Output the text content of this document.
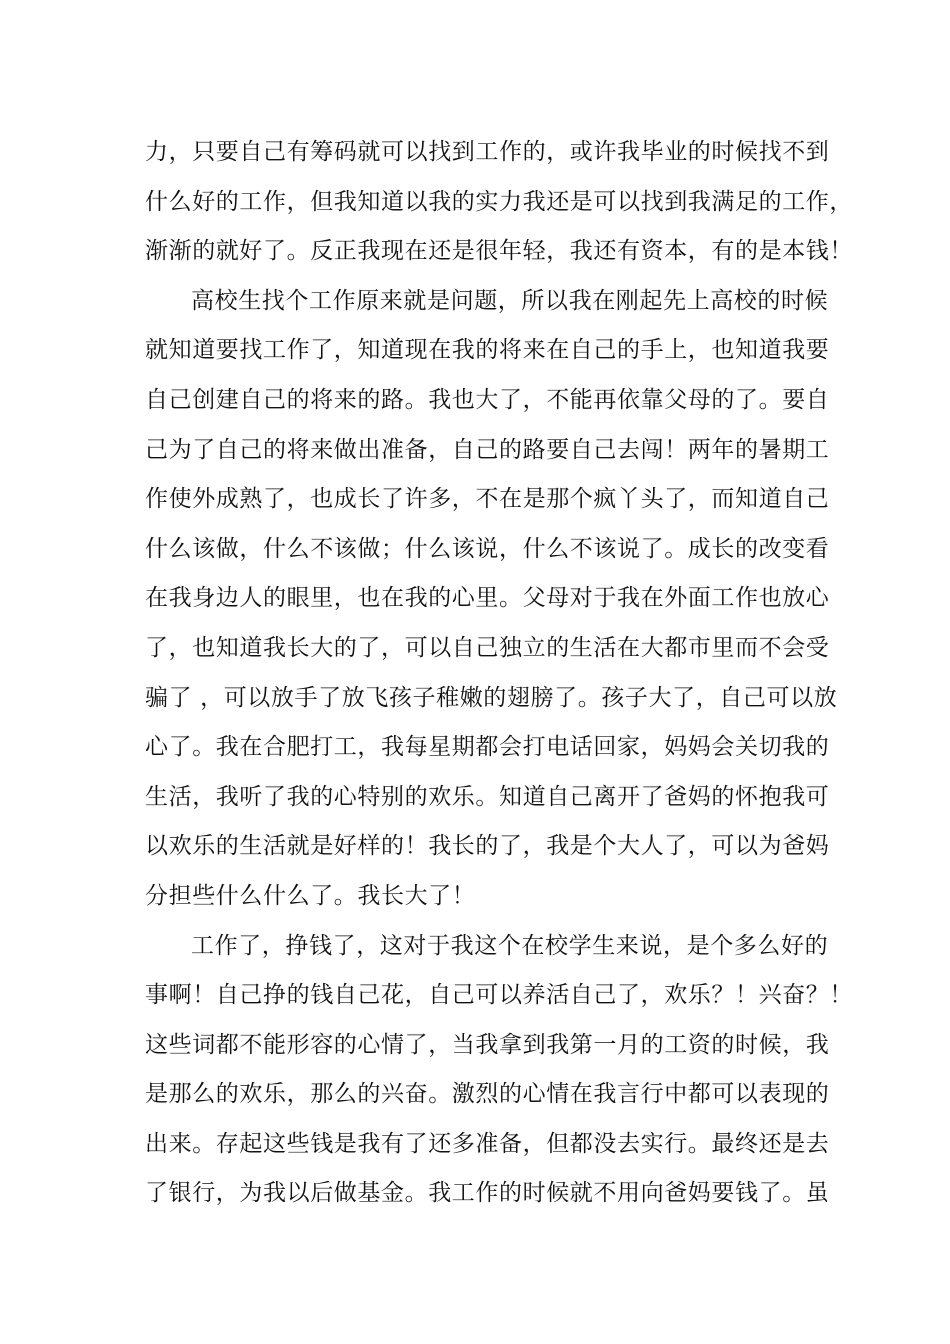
力，只要自己有筹码就可以找到工作的，或许我毕业的时候找不到
什么好的工作，但我知道以我的实力我还是可以找到我满足的工作，
渐渐的就好了。反正我现在还是很年轻，我还有资本，有的是本钱！
高校生找个工作原来就是问题，所以我在刚起先上高校的时候
就知道要找工作了，知道现在我的将来在自己的手上，也知道我要
自己创建自己的将来的路。我也大了，不能再依靠父母的了。要自
己为了自己的将来做出准备，自己的路要自己去闯！两年的暑期工
作使外成熟了，也成长了许多，不在是那个疯丫头了，而知道自己
什么该做，什么不该做；什么该说，什么不该说了。成长的改变看
在我身边人的眼里，也在我的心里。父母对于我在外面工作也放心
了，也知道我长大的了，可以自己独立的生活在大都市里而不会受
骗了 ，可以放手了放飞孩子稚嫩的翅膀了。孩子大了，自己可以放
心了。我在合肥打工，我每星期都会打电话回家，妈妈会关切我的
生活，我听了我的心特别的欢乐。知道自己离开了爸妈的怀抱我可
以欢乐的生活就是好样的！我长的了，我是个大人了，可以为爸妈
分担些什么什么了。我长大了！
工作了，挣钱了，这对于我这个在校学生来说，是个多么好的
事啊！自己挣的钱自己花，自己可以养活自己了，欢乐？！兴奋？！
这些词都不能形容的心情了，当我拿到我第一月的工资的时候，我
是那么的欢乐，那么的兴奋。激烈的心情在我言行中都可以表现的
出来。存起这些钱是我有了还多准备，但都没去实行。最终还是去
了银行，为我以后做基金。我工作的时候就不用向爸妈要钱了。虽
